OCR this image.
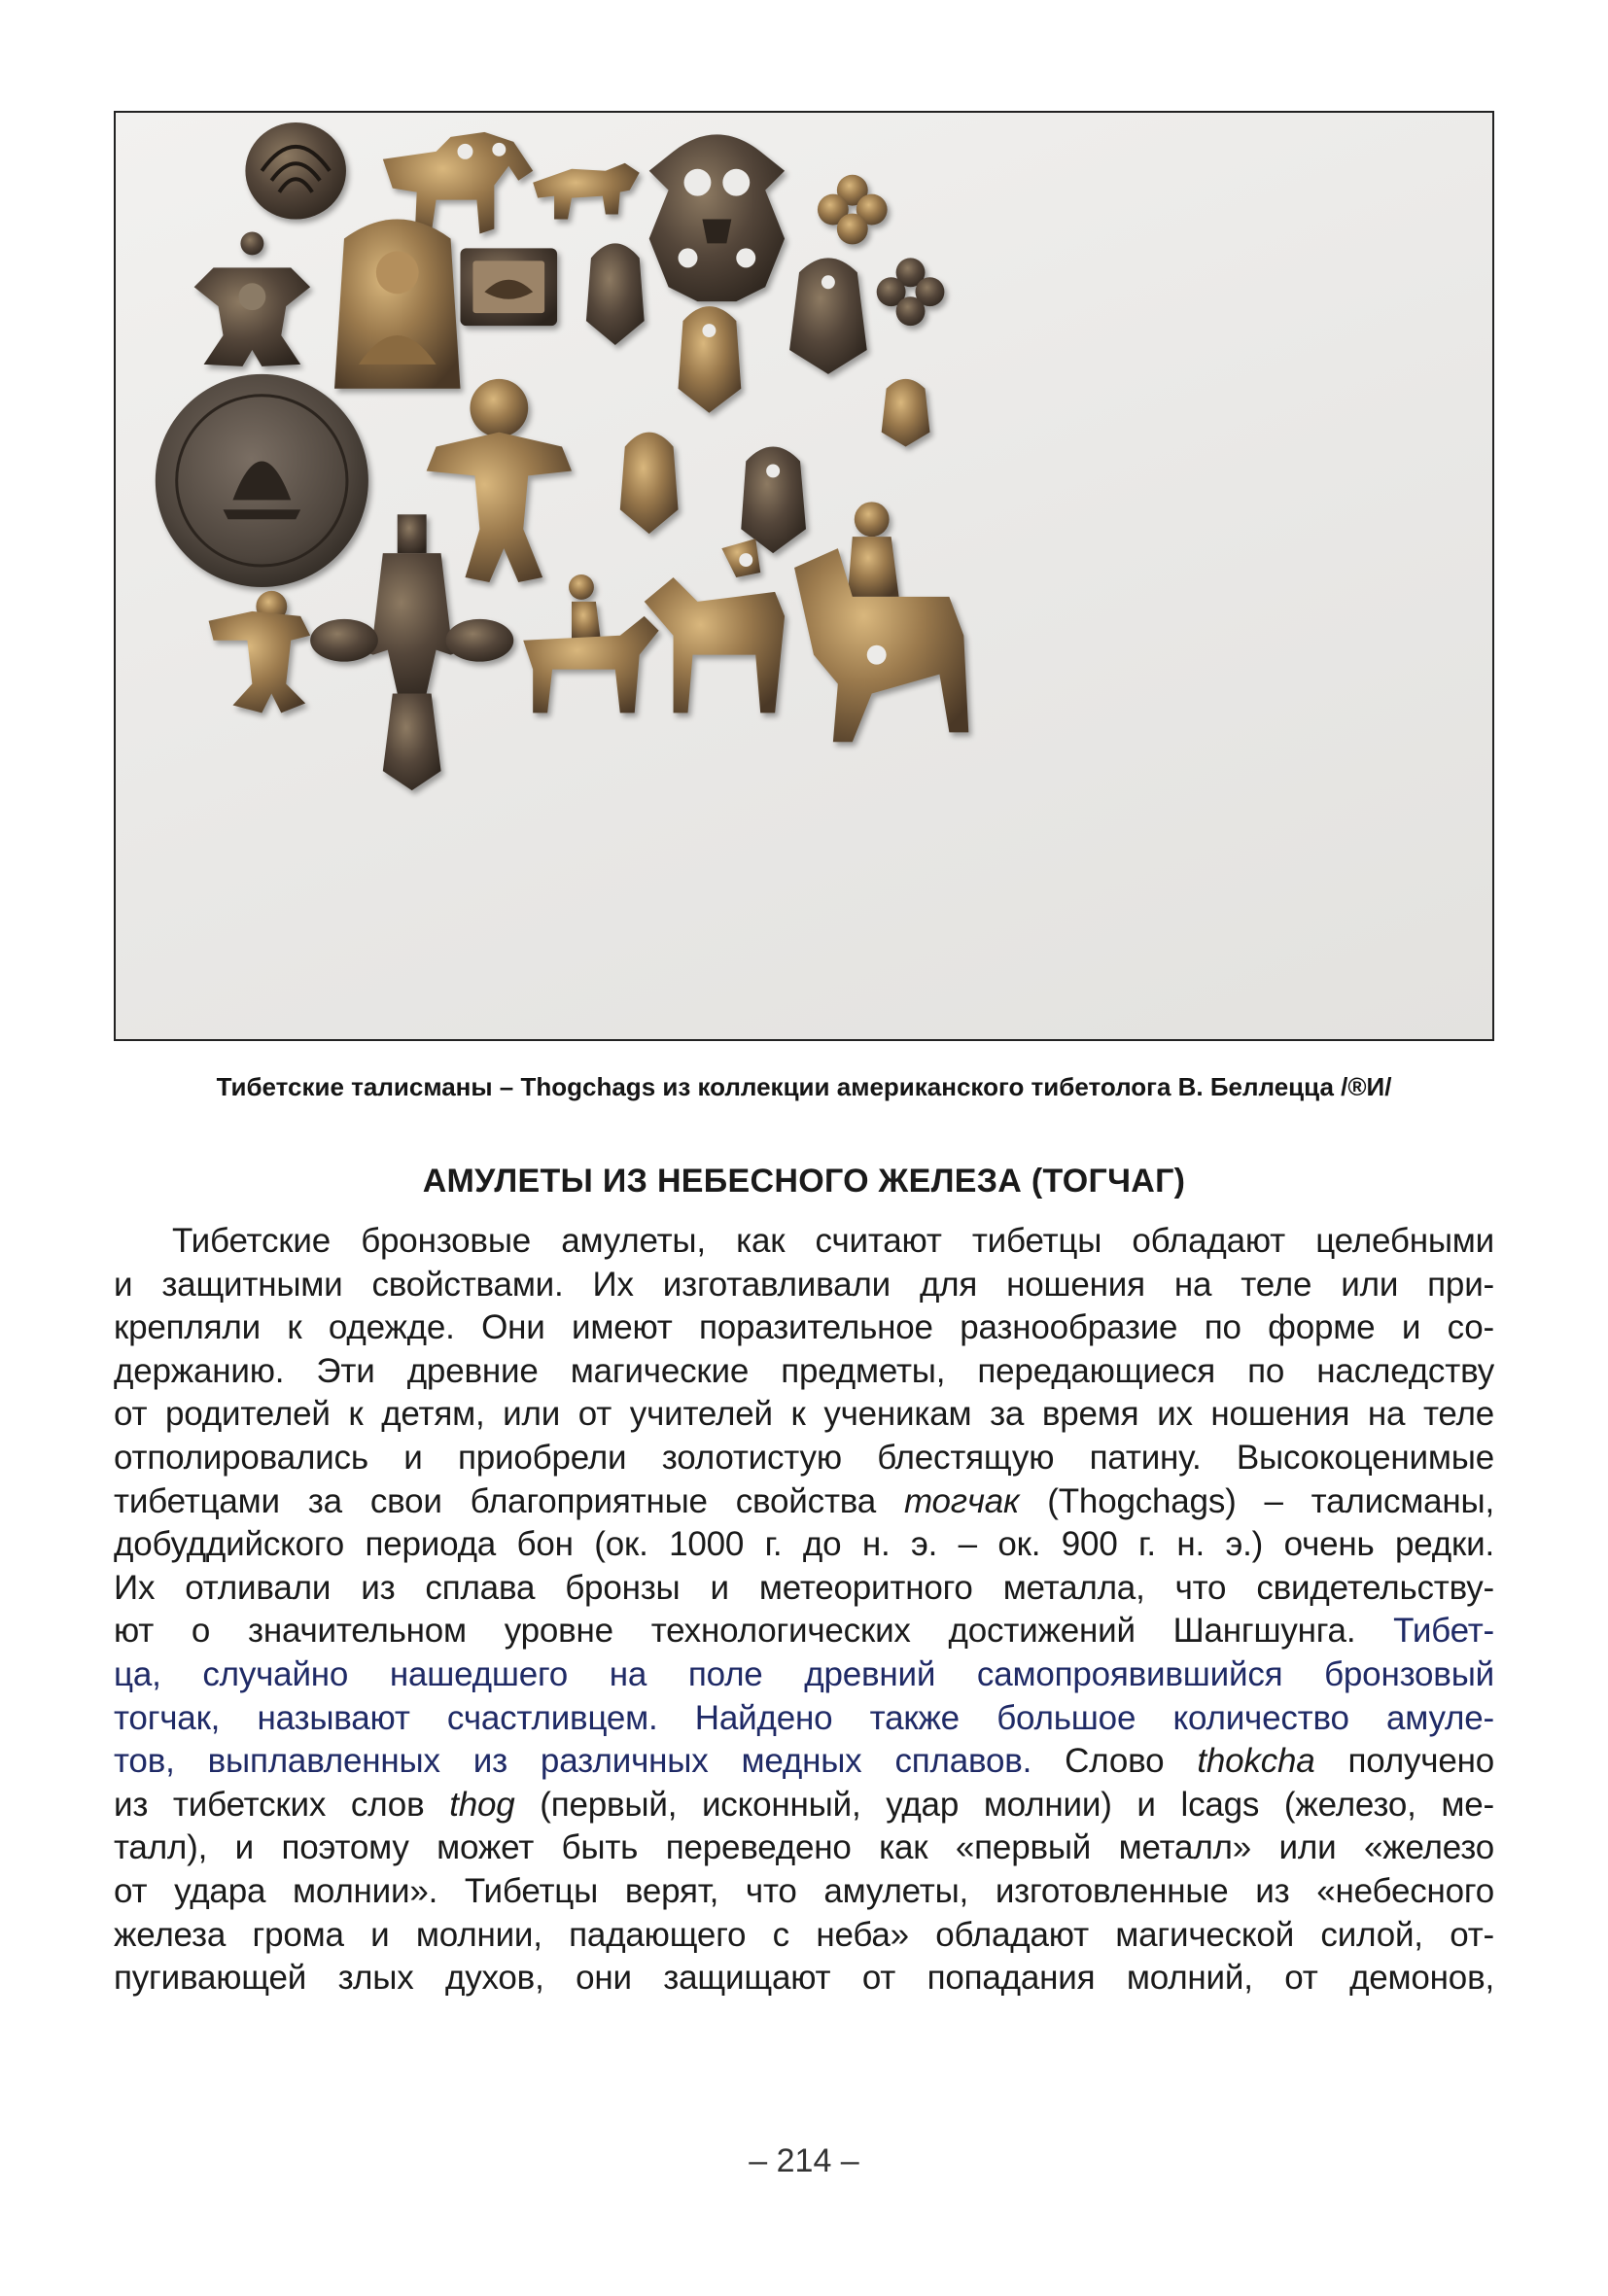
Тибетские талисманы – Thogchags из коллекции американского тибетолога В. Беллецца /®И/
АМУЛЕТЫ ИЗ НЕБЕСНОГО ЖЕЛЕЗА (ТОГЧАГ)
Тибетские бронзовые амулеты, как считают тибетцы обладают целебными
и защитными свойствами. Их изготавливали для ношения на теле или при-
крепляли к одежде. Они имеют поразительное разнообразие по форме и со-
держанию. Эти древние магические предметы, передающиеся по наследству
от родителей к детям, или от учителей к ученикам за время их ношения на теле
отполировались и приобрели золотистую блестящую патину. Высокоценимые
тибетцами за свои благоприятные свойства тогчак (Thogchags) – талисманы,
добуддийского периода бон (ок. 1000 г. до н. э. – ок. 900 г. н. э.) очень редки.
Их отливали из сплава бронзы и метеоритного металла, что свидетельству-
ют о значительном уровне технологических достижений Шангшунга. Тибет-
ца, случайно нашедшего на поле древний самопроявившийся бронзовый
тогчак, называют счастливцем. Найдено также большое количество амуле-
тов, выплавленных из различных медных сплавов. Слово thokcha получено
из тибетских слов thog (первый, исконный, удар молнии) и lcags (железо, ме-
талл), и поэтому может быть переведено как «первый металл» или «железо
от удара молнии». Тибетцы верят, что амулеты, изготовленные из «небесного
железа грома и молнии, падающего с неба» обладают магической силой, от-
пугивающей злых духов, они защищают от попадания молний, от демонов,
– 214 –
